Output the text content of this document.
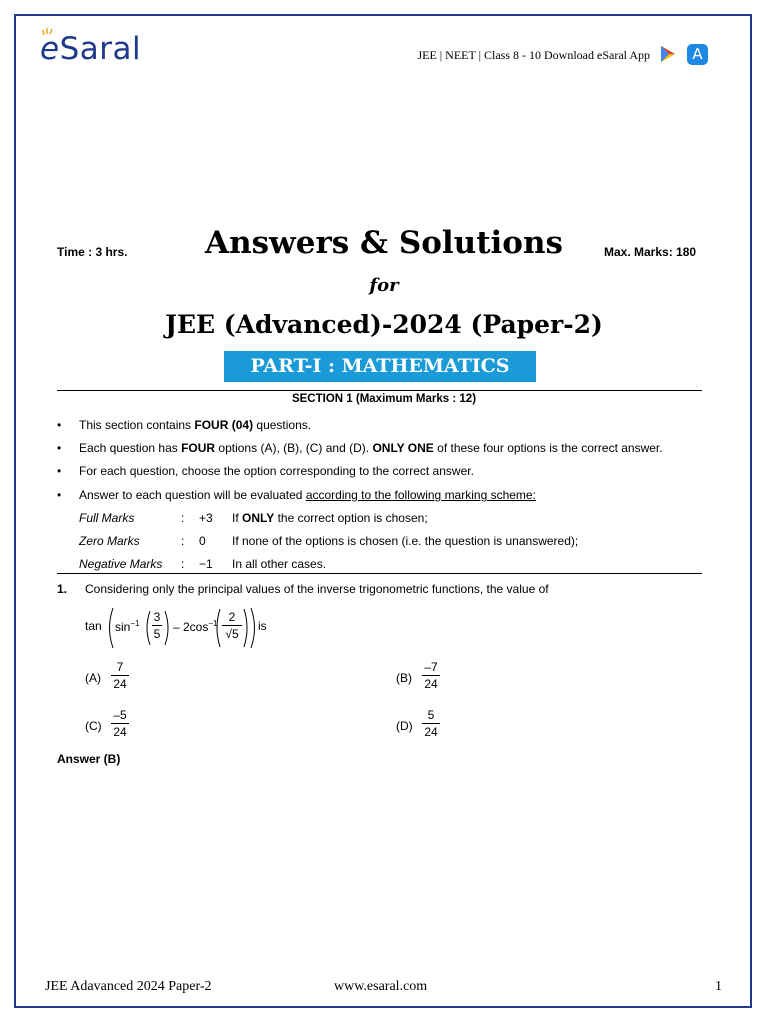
eSaral	JEE | NEET | Class 8 - 10 Download eSaral App	A
Time : 3 hrs.	Answers & Solutions	Max. Marks: 180
for
JEE (Advanced)-2024 (Paper-2)
PART-I : MATHEMATICS
SECTION 1 (Maximum Marks : 12)
• This section contains FOUR (04) questions.
• Each question has FOUR options (A), (B), (C) and (D). ONLY ONE of these four options is the correct answer.
• For each question, choose the option corresponding to the correct answer.
• Answer to each question will be evaluated according to the following marking scheme:
Full Marks	: +3 If ONLY the correct option is chosen;
Zero Marks	: 0 If none of the options is chosen (i.e. the question is unanswered);
Negative Marks : −1 In all other cases.
1. Considering only the principal values of the inverse trigonometric functions, the value of
$\tan \sin^{-1} \frac{3}{5} - 2\cos^{-1} \frac{2}{√5}$ is
$(A) \frac{7}{24}$	$(B) \frac{-7}{24}$
$(C) \frac{-5}{24}$	$(D) \frac{5}{24}$
Answer (B)
JEE Adavanced 2024 Paper-2	www.esaral.com	1
